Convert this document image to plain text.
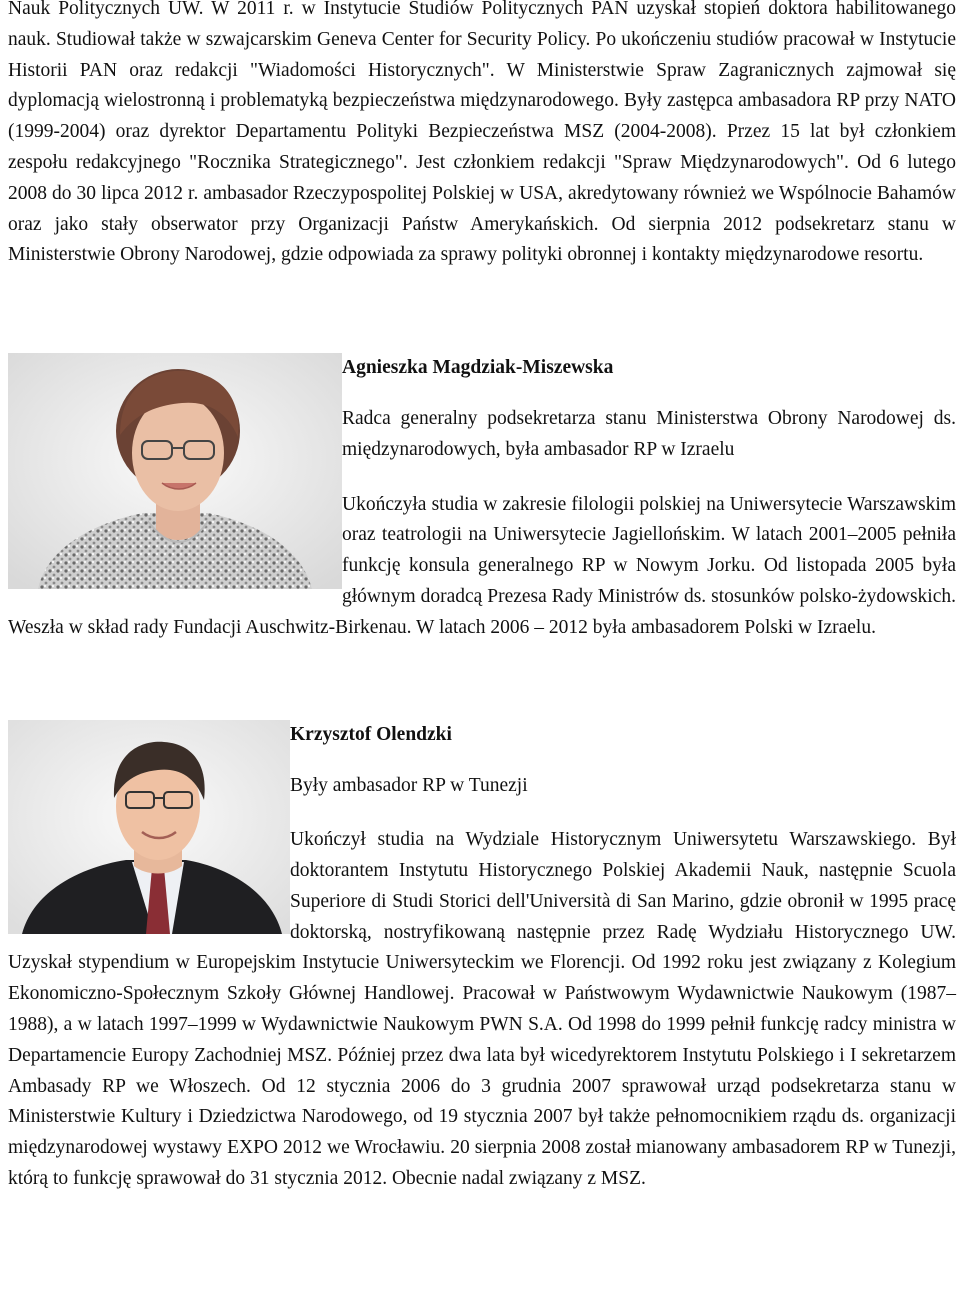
Nauk Politycznych UW. W 2011 r. w Instytucie Studiów Politycznych PAN uzyskał stopień doktora habilitowanego nauk. Studiował także w szwajcarskim Geneva Center for Security Policy. Po ukończeniu studiów pracował w Instytucie Historii PAN oraz redakcji "Wiadomości Historycznych". W Ministerstwie Spraw Zagranicznych zajmował się dyplomacją wielostronną i problematyką bezpieczeństwa międzynarodowego. Były zastępca ambasadora RP przy NATO (1999-2004) oraz dyrektor Departamentu Polityki Bezpieczeństwa MSZ (2004-2008). Przez 15 lat był członkiem zespołu redakcyjnego "Rocznika Strategicznego". Jest członkiem redakcji "Spraw Międzynarodowych". Od 6 lutego 2008 do 30 lipca 2012 r. ambasador Rzeczypospolitej Polskiej w USA, akredytowany również we Wspólnocie Bahamów oraz jako stały obserwator przy Organizacji Państw Amerykańskich. Od sierpnia 2012 podsekretarz stanu w Ministerstwie Obrony Narodowej, gdzie odpowiada za sprawy polityki obronnej i kontakty międzynarodowe resortu.

Agnieszka Magdziak-Miszewska

Radca generalny podsekretarza stanu Ministerstwa Obrony Narodowej ds. międzynarodowych, była ambasador RP w Izraelu

Ukończyła studia w zakresie filologii polskiej na Uniwersytecie Warszawskim oraz teatrologii na Uniwersytecie Jagiellońskim. W latach 2001–2005 pełniła funkcję konsula generalnego RP w Nowym Jorku. Od listopada 2005 była głównym doradcą Prezesa Rady Ministrów ds. stosunków polsko-żydowskich. Weszła w skład rady Fundacji Auschwitz-Birkenau. W latach 2006 – 2012 była ambasadorem Polski w Izraelu.

Krzysztof Olendzki

Były ambasador RP w Tunezji

Ukończył studia na Wydziale Historycznym Uniwersytetu Warszawskiego. Był doktorantem Instytutu Historycznego Polskiej Akademii Nauk, następnie Scuola Superiore di Studi Storici dell'Università di San Marino, gdzie obronił w 1995 pracę doktorską, nostryfikowaną następnie przez Radę Wydziału Historycznego UW. Uzyskał stypendium w Europejskim Instytucie Uniwersyteckim we Florencji. Od 1992 roku jest związany z Kolegium Ekonomiczno-Społecznym Szkoły Głównej Handlowej. Pracował w Państwowym Wydawnictwie Naukowym (1987–1988), a w latach 1997–1999 w Wydawnictwie Naukowym PWN S.A. Od 1998 do 1999 pełnił funkcję radcy ministra w Departamencie Europy Zachodniej MSZ. Później przez dwa lata był wicedyrektorem Instytutu Polskiego i I sekretarzem Ambasady RP we Włoszech. Od 12 stycznia 2006 do 3 grudnia 2007 sprawował urząd podsekretarza stanu w Ministerstwie Kultury i Dziedzictwa Narodowego, od 19 stycznia 2007 był także pełnomocnikiem rządu ds. organizacji międzynarodowej wystawy EXPO 2012 we Wrocławiu. 20 sierpnia 2008 został mianowany ambasadorem RP w Tunezji, którą to funkcję sprawował do 31 stycznia 2012. Obecnie nadal związany z MSZ.
